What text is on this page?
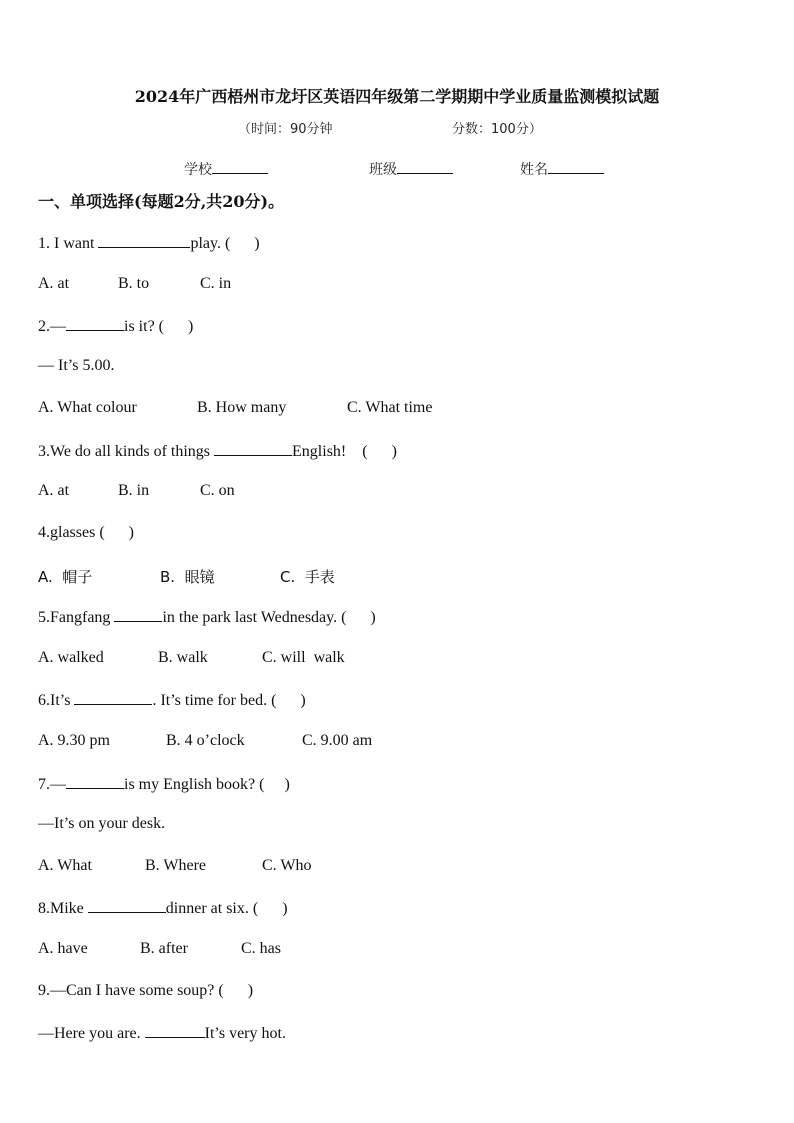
2024年广西梧州市龙圩区英语四年级第二学期期中学业质量监测模拟试题
（时间：90分钟	分数：100分）
学校	班级	姓名
一、单项选择(每题2分,共20分)。
1. I want	play. (      )
A. at	B. to	C. in
2.—	is it? (      )
— It’s 5.00.
A. What colour	B. How many	C. What time
3.We do all kinds of things	English!    (      )
A. at	B. in	C. on
4.glasses (      )
A.  帽子	B.  眼镜	C.  手表
5.Fangfang	in the park last Wednesday. (      )
A. walked	B. walk	C. will  walk
6.It’s	. It’s time for bed. (      )
A. 9.30 pm	B. 4 o’clock	C. 9.00 am
7.—	is my English book? (     )
—It’s on your desk.
A. What	B. Where	C. Who
8.Mike	dinner at six. (      )
A. have	B. after	C. has
9.—Can I have some soup? (      )
—Here you are.	It’s very hot.
